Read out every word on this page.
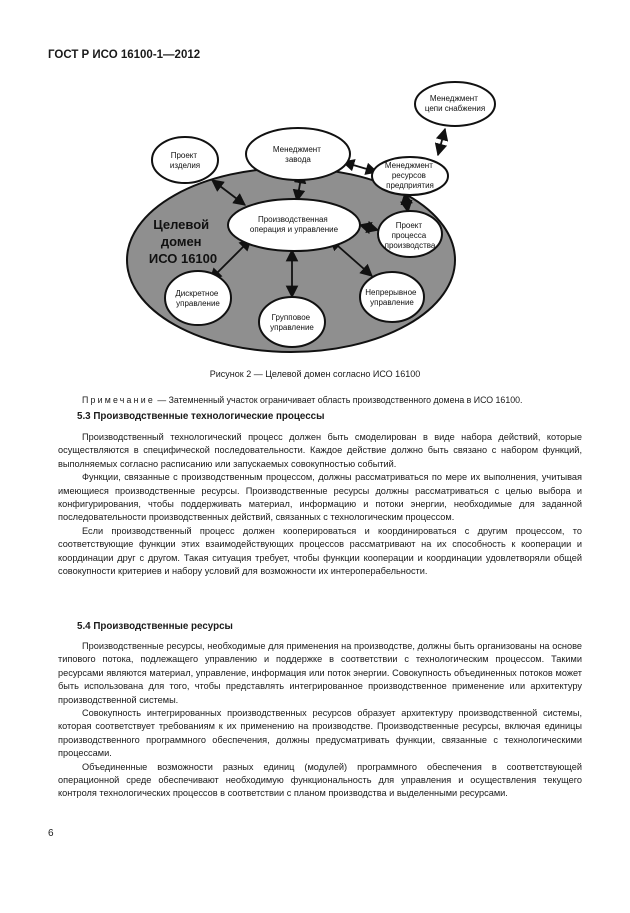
ГОСТ Р ИСО 16100-1—2012
Производственная операция и управление
Проект изделия
Менеджмент завода
Менеджмент цепи снабжения
Менеджмент ресурсов предприятия
Проект процесса производства
Дискретное управление
Групповое управление
Непрерывное управление
Целевой домен ИСО 16100
Рисунок 2 — Целевой домен согласно ИСО 16100
Примечание — Затемненный участок ограничивает область производственного домена в ИСО 16100.
5.3 Производственные технологические процессы

Производственный технологический процесс должен быть смоделирован в виде набора действий, которые осуществляются в специфической последовательности. Каждое действие должно быть связано с набором функций, выполняемых согласно расписанию или запускаемых совокупностью событий.

Функции, связанные с производственным процессом, должны рассматриваться по мере их выполнения, учитывая имеющиеся производственные ресурсы. Производственные ресурсы должны рассматриваться с целью выбора и конфигурирования, чтобы поддерживать материал, информацию и потоки энергии, необходимые для заданной последовательности производственных действий, связанных с технологическим процессом.

Если производственный процесс должен кооперироваться и координироваться с другим процессом, то соответствующие функции этих взаимодействующих процессов рассматривают на их способность к кооперации и координации друг с другом. Такая ситуация требует, чтобы функции кооперации и координации удовлетворяли общей совокупности критериев и набору условий для возможности их интероперабельности.

5.4 Производственные ресурсы

Производственные ресурсы, необходимые для применения на производстве, должны быть организованы на основе типового потока, подлежащего управлению и поддержке в соответствии с технологическим процессом. Такими ресурсами являются материал, управление, информация или поток энергии. Совокупность объединенных потоков может быть использована для того, чтобы представлять интегрированное производственное применение или архитектуру производственной системы.

Совокупность интегрированных производственных ресурсов образует архитектуру производственной системы, которая соответствует требованиям к их применению на производстве. Производственные ресурсы, включая единицы производственного программного обеспечения, должны предусматривать функции, связанные с технологическими процессами.

Объединенные возможности разных единиц (модулей) программного обеспечения в соответствующей операционной среде обеспечивают необходимую функциональность для управления и осуществления текущего контроля технологических процессов в соответствии с планом производства и выделенными ресурсами.

6
